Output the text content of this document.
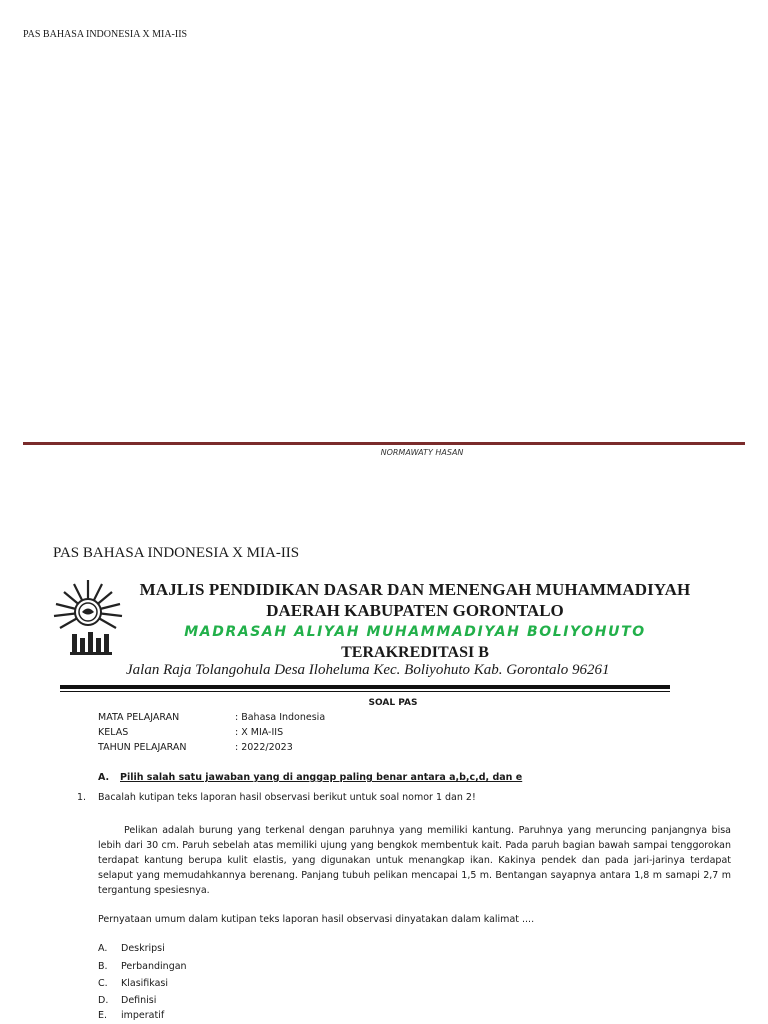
PAS BAHASA INDONESIA X MIA-IIS
NORMAWATY HASAN
PAS BAHASA INDONESIA X MIA-IIS
MAJLIS PENDIDIKAN DASAR DAN MENENGAH MUHAMMADIYAH
DAERAH KABUPATEN GORONTALO
MADRASAH ALIYAH MUHAMMADIYAH BOLIYOHUTO
TERAKREDITASI B
Jalan Raja Tolangohula Desa Iloheluma Kec. Boliyohuto Kab. Gorontalo 96261
SOAL PAS
MATA PELAJARAN	: Bahasa Indonesia
KELAS	: X MIA-IIS
TAHUN PELAJARAN	: 2022/2023
A. Pilih salah satu jawaban yang di anggap paling benar antara a,b,c,d, dan e
1. Bacalah kutipan teks laporan hasil observasi berikut untuk soal nomor 1 dan 2!

Pelikan adalah burung yang terkenal dengan paruhnya yang memiliki kantung. Paruhnya yang meruncing panjangnya bisa lebih dari 30 cm. Paruh sebelah atas memiliki ujung yang bengkok membentuk kait. Pada paruh bagian bawah sampai tenggorokan terdapat kantung berupa kulit elastis, yang digunakan untuk menangkap ikan. Kakinya pendek dan pada jari-jarinya terdapat selaput yang memudahkannya berenang. Panjang tubuh pelikan mencapai 1,5 m. Bentangan sayapnya antara 1,8 m samapi 2,7 m tergantung spesiesnya.

Pernyataan umum dalam kutipan teks laporan hasil observasi dinyatakan dalam kalimat ....
A. Deskripsi
B. Perbandingan
C. Klasifikasi
D. Definisi
E. imperatif
